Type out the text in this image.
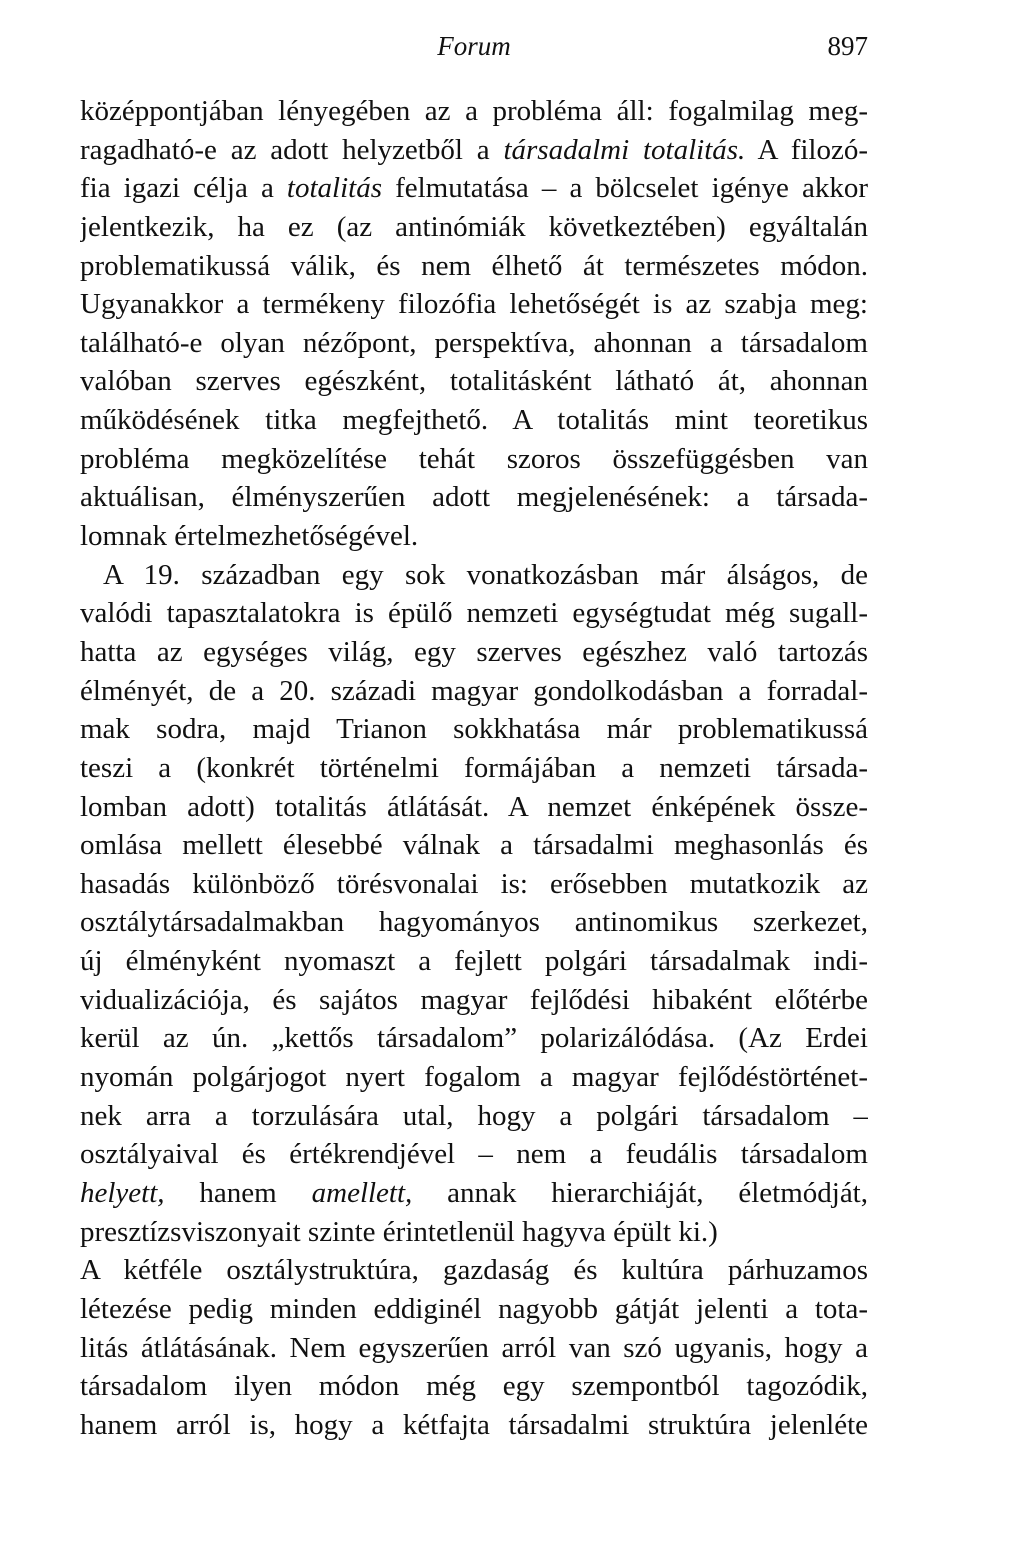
Forum	897
középpontjában lényegében az a probléma áll: fogalmilag meg-
ragadható-e az adott helyzetből a társadalmi totalitás. A filozó-
fia igazi célja a totalitás felmutatása – a bölcselet igénye akkor
jelentkezik, ha ez (az antinómiák következtében) egyáltalán
problematikussá válik, és nem élhető át természetes módon.
Ugyanakkor a termékeny filozófia lehetőségét is az szabja meg:
található-e olyan nézőpont, perspektíva, ahonnan a társadalom
valóban szerves egészként, totalitásként látható át, ahonnan
működésének titka megfejthető. A totalitás mint teoretikus
probléma megközelítése tehát szoros összefüggésben van
aktuálisan, élményszerűen adott megjelenésének: a társada-
lomnak értelmezhetőségével.
A 19. században egy sok vonatkozásban már álságos, de
valódi tapasztalatokra is épülő nemzeti egységtudat még sugall-
hatta az egységes világ, egy szerves egészhez való tartozás
élményét, de a 20. századi magyar gondolkodásban a forradal-
mak sodra, majd Trianon sokkhatása már problematikussá
teszi a (konkrét történelmi formájában a nemzeti társada-
lomban adott) totalitás átlátását. A nemzet énképének össze-
omlása mellett élesebbé válnak a társadalmi meghasonlás és
hasadás különböző törésvonalai is: erősebben mutatkozik az
osztálytársadalmakban hagyományos antinomikus szerkezet,
új élményként nyomaszt a fejlett polgári társadalmak indi-
vidualizációja, és sajátos magyar fejlődési hibaként előtérbe
kerül az ún. „kettős társadalom” polarizálódása. (Az Erdei
nyomán polgárjogot nyert fogalom a magyar fejlődéstörténet-
nek arra a torzulására utal, hogy a polgári társadalom –
osztályaival és értékrendjével – nem a feudális társadalom
helyett, hanem amellett, annak hierarchiáját, életmódját,
presztízsviszonyait szinte érintetlenül hagyva épült ki.)
A kétféle osztálystruktúra, gazdaság és kultúra párhuzamos
létezése pedig minden eddiginél nagyobb gátját jelenti a tota-
litás átlátásának. Nem egyszerűen arról van szó ugyanis, hogy a
társadalom ilyen módon még egy szempontból tagozódik,
hanem arról is, hogy a kétfajta társadalmi struktúra jelenléte
